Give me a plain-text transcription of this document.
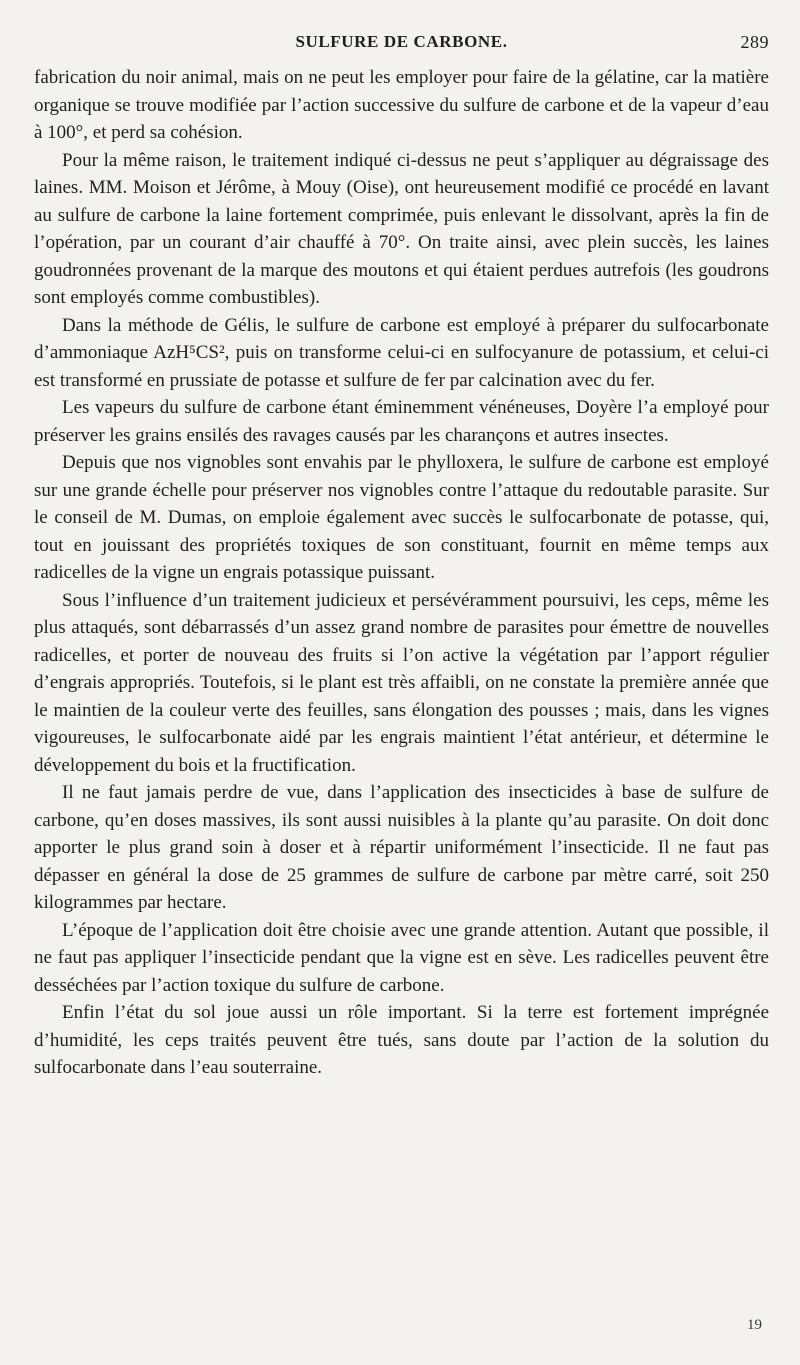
SULFURE DE CARBONE.	289

fabrication du noir animal, mais on ne peut les employer pour faire de la gélatine, car la matière organique se trouve modifiée par l’action successive du sulfure de carbone et de la vapeur d’eau à 100°, et perd sa cohésion.

Pour la même raison, le traitement indiqué ci-dessus ne peut s’appliquer au dégraissage des laines. MM. Moison et Jérôme, à Mouy (Oise), ont heureusement modifié ce procédé en lavant au sulfure de carbone la laine fortement comprimée, puis enlevant le dissolvant, après la fin de l’opération, par un courant d’air chauffé à 70°. On traite ainsi, avec plein succès, les laines goudronnées provenant de la marque des moutons et qui étaient perdues autrefois (les goudrons sont employés comme combustibles).

Dans la méthode de Gélis, le sulfure de carbone est employé à préparer du sulfocarbonate d’ammoniaque AzH⁵CS², puis on transforme celui-ci en sulfocyanure de potassium, et celui-ci est transformé en prussiate de potasse et sulfure de fer par calcination avec du fer.

Les vapeurs du sulfure de carbone étant éminemment vénéneuses, Doyère l’a employé pour préserver les grains ensilés des ravages causés par les charançons et autres insectes.

Depuis que nos vignobles sont envahis par le phylloxera, le sulfure de carbone est employé sur une grande échelle pour préserver nos vignobles contre l’attaque du redoutable parasite. Sur le conseil de M. Dumas, on emploie également avec succès le sulfocarbonate de potasse, qui, tout en jouissant des propriétés toxiques de son constituant, fournit en même temps aux radicelles de la vigne un engrais potassique puissant.

Sous l’influence d’un traitement judicieux et persévéramment poursuivi, les ceps, même les plus attaqués, sont débarrassés d’un assez grand nombre de parasites pour émettre de nouvelles radicelles, et porter de nouveau des fruits si l’on active la végétation par l’apport régulier d’engrais appropriés. Toutefois, si le plant est très affaibli, on ne constate la première année que le maintien de la couleur verte des feuilles, sans élongation des pousses ; mais, dans les vignes vigoureuses, le sulfocarbonate aidé par les engrais maintient l’état antérieur, et détermine le développement du bois et la fructification.

Il ne faut jamais perdre de vue, dans l’application des insecticides à base de sulfure de carbone, qu’en doses massives, ils sont aussi nuisibles à la plante qu’au parasite. On doit donc apporter le plus grand soin à doser et à répartir uniformément l’insecticide. Il ne faut pas dépasser en général la dose de 25 grammes de sulfure de carbone par mètre carré, soit 250 kilogrammes par hectare.

L’époque de l’application doit être choisie avec une grande attention. Autant que possible, il ne faut pas appliquer l’insecticide pendant que la vigne est en sève. Les radicelles peuvent être desséchées par l’action toxique du sulfure de carbone.

Enfin l’état du sol joue aussi un rôle important. Si la terre est fortement imprégnée d’humidité, les ceps traités peuvent être tués, sans doute par l’action de la solution du sulfocarbonate dans l’eau souterraine.

19
